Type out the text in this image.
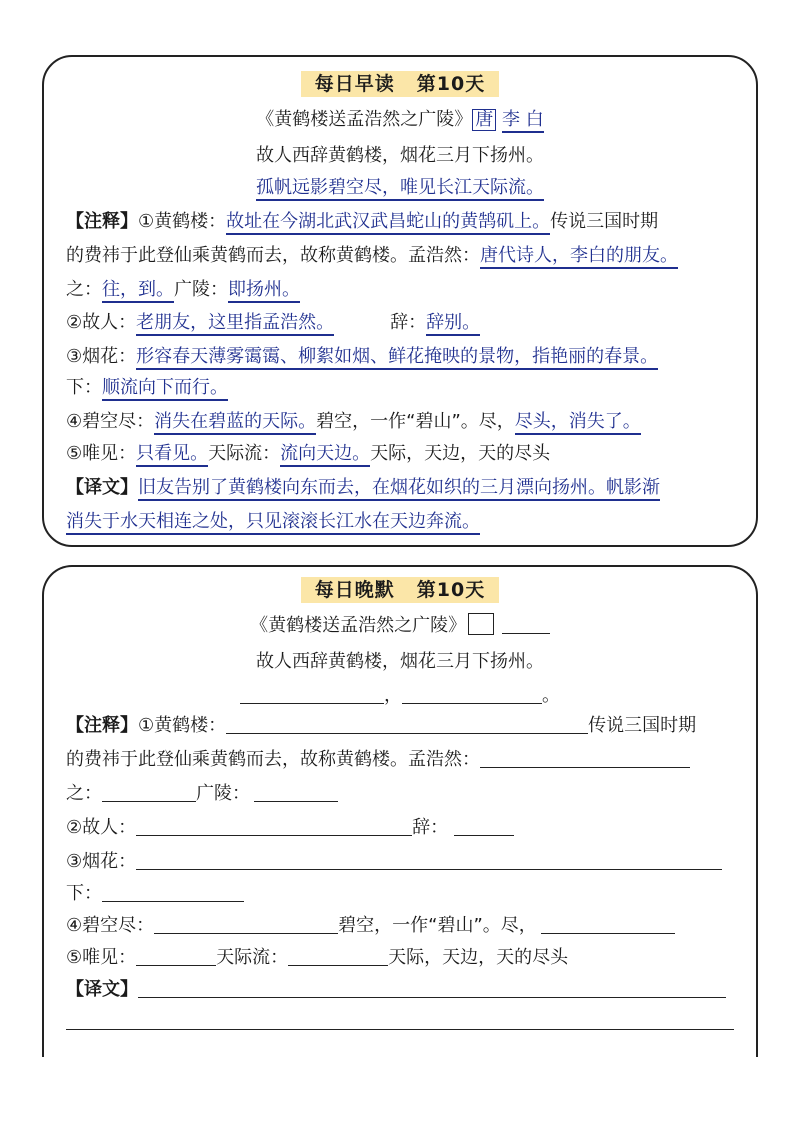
每日早读 第10天
《黄鹤楼送孟浩然之广陵》 唐 李 白
故人西辞黄鹤楼，烟花三月下扬州。
孤帆远影碧空尽，唯见长江天际流。
【注释】①黄鹤楼：故址在今湖北武汉武昌蛇山的黄鹄矶上。传说三国时期
的费祎于此登仙乘黄鹤而去，故称黄鹤楼。孟浩然：唐代诗人，李白的朋友。
之：往，到。广陵：即扬州。
②故人：老朋友，这里指孟浩然。	辞：辞别。
③烟花：形容春天薄雾霭霭、柳絮如烟、鲜花掩映的景物，指艳丽的春景。
下：顺流向下而行。
④碧空尽：消失在碧蓝的天际。碧空，一作“碧山”。尽，尽头，消失了。
⑤唯见：只看见。天际流：流向天边。天际，天边，天的尽头
【译文】旧友告别了黄鹤楼向东而去，在烟花如织的三月漂向扬州。帆影渐
消失于水天相连之处，只见滚滚长江水在天边奔流。
每日晚默 第10天
《黄鹤楼送孟浩然之广陵》
故人西辞黄鹤楼，烟花三月下扬州。
，	。
【注释】①黄鹤楼：	传说三国时期
的费祎于此登仙乘黄鹤而去，故称黄鹤楼。孟浩然：
之：	广陵：
②故人：	辞：
③烟花：
下：
④碧空尽：	碧空，一作“碧山”。尽，
⑤唯见：	天际流：	天际，天边，天的尽头
【译文】
